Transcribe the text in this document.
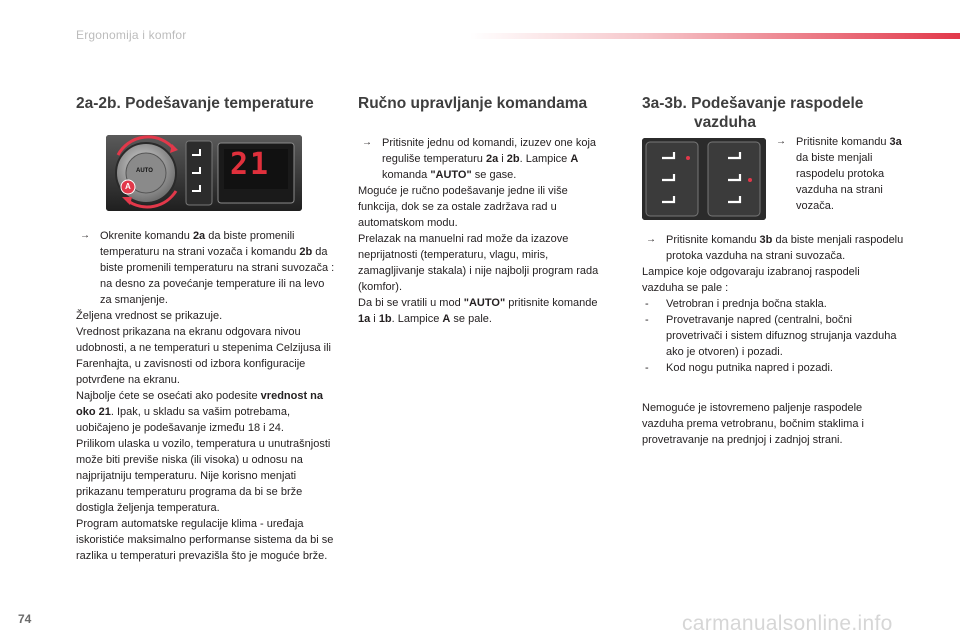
Ergonomija i komfor
2a-2b. Podešavanje temperature
AUTO
A
21
→ Okrenite komandu 2a da biste promenili temperaturu na strani vozača i komandu 2b da biste promenili temperaturu na strani suvozača : na desno za povećanje temperature ili na levo za smanjenje.

Željena vrednost se prikazuje.

Vrednost prikazana na ekranu odgovara nivou udobnosti, a ne temperaturi u stepenima Celzijusa ili Farenhajta, u zavisnosti od izbora konfiguracije potvrđene na ekranu.

Najbolje ćete se osećati ako podesite vrednost na oko 21. Ipak, u skladu sa vašim potrebama, uobičajeno je podešavanje između 18 i 24.

Prilikom ulaska u vozilo, temperatura u unutrašnjosti može biti previše niska (ili visoka) u odnosu na najprijatniju temperaturu. Nije korisno menjati prikazanu temperaturu programa da bi se brže dostigla željenja temperatura.

Program automatske regulacije klima - uređaja iskoristiće maksimalno performanse sistema da bi se razlika u temperaturi prevazišla što je moguće brže.

Ručno upravljanje komandama
→ Pritisnite jednu od komandi, izuzev one koja reguliše temperaturu 2a i 2b. Lampice A komanda "AUTO" se gase.

Moguće je ručno podešavanje jedne ili više funkcija, dok se za ostale zadržava rad u automatskom modu.

Prelazak na manuelni rad može da izazove neprijatnosti (temperaturu, vlagu, miris, zamagljivanje stakala) i nije najbolji program rada (komfor).

Da bi se vratili u mod "AUTO" pritisnite komande 1a i 1b. Lampice A se pale.

3a-3b. Podešavanje raspodele
vazduha
→ Pritisnite komandu 3a da biste menjali raspodelu protoka vazduha na strani vozača.
→ Pritisnite komandu 3b da biste menjali raspodelu protoka vazduha na strani suvozača.

Lampice koje odgovaraju izabranoj raspodeli vazduha se pale :

- Vetrobran i prednja bočna stakla.
- Provetravanje napred (centralni, bočni provetrivači i sistem difuznog strujanja vazduha ako je otvoren) i pozadi.
- Kod nogu putnika napred i pozadi.

Nemoguće je istovremeno paljenje raspodele vazduha prema vetrobranu, bočnim staklima i provetravanje na prednjoj i zadnjoj strani.

74	carmanualsonline.info
